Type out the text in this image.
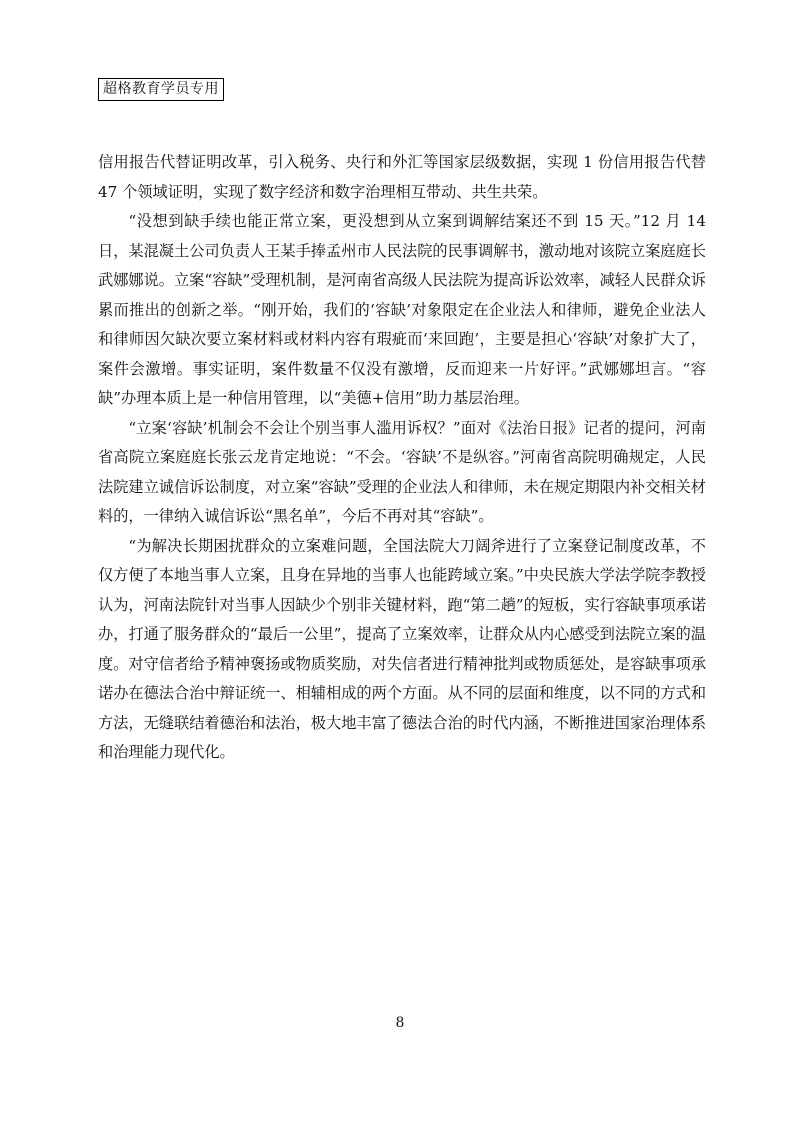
超格教育学员专用

信用报告代替证明改革，引入税务、央行和外汇等国家层级数据，实现 1 份信用报告代替 47 个领域证明，实现了数字经济和数字治理相互带动、共生共荣。

“没想到缺手续也能正常立案，更没想到从立案到调解结案还不到 15 天。”12 月 14 日，某混凝土公司负责人王某手捧孟州市人民法院的民事调解书，激动地对该院立案庭庭长武娜娜说。立案“容缺”受理机制，是河南省高级人民法院为提高诉讼效率，减轻人民群众诉累而推出的创新之举。“刚开始，我们的‘容缺’对象限定在企业法人和律师，避免企业法人和律师因欠缺次要立案材料或材料内容有瑕疵而‘来回跑’，主要是担心‘容缺’对象扩大了，案件会激增。事实证明，案件数量不仅没有激增，反而迎来一片好评。”武娜娜坦言。“容缺”办理本质上是一种信用管理，以“美德+信用”助力基层治理。

“立案‘容缺’机制会不会让个别当事人滥用诉权？”面对《法治日报》记者的提问，河南省高院立案庭庭长张云龙肯定地说：“不会。‘容缺’不是纵容。”河南省高院明确规定，人民法院建立诚信诉讼制度，对立案“容缺”受理的企业法人和律师，未在规定期限内补交相关材料的，一律纳入诚信诉讼“黑名单”，今后不再对其“容缺”。

“为解决长期困扰群众的立案难问题，全国法院大刀阔斧进行了立案登记制度改革，不仅方便了本地当事人立案，且身在异地的当事人也能跨域立案。”中央民族大学法学院李教授认为，河南法院针对当事人因缺少个别非关键材料，跑“第二趟”的短板，实行容缺事项承诺办，打通了服务群众的“最后一公里”，提高了立案效率，让群众从内心感受到法院立案的温度。对守信者给予精神褒扬或物质奖励，对失信者进行精神批判或物质惩处，是容缺事项承诺办在德法合治中辩证统一、相辅相成的两个方面。从不同的层面和维度，以不同的方式和方法，无缝联结着德治和法治，极大地丰富了德法合治的时代内涵，不断推进国家治理体系和治理能力现代化。

8
